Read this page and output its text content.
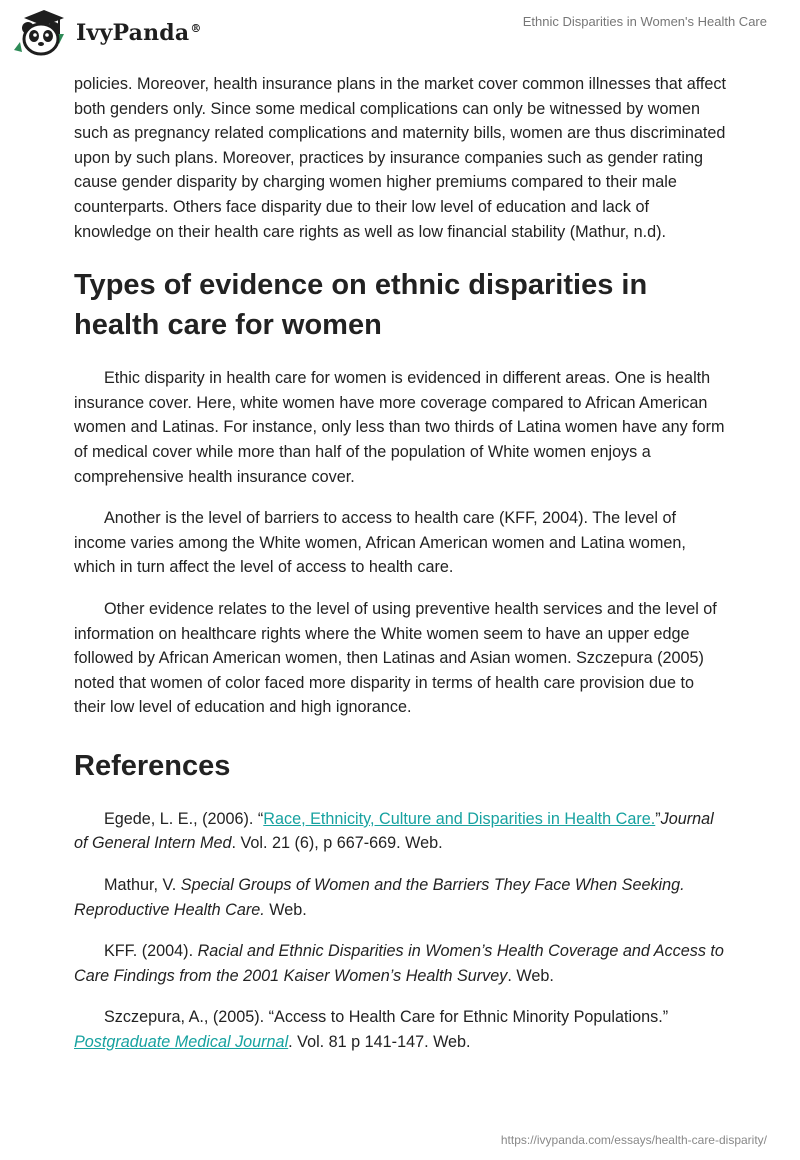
IvyPanda®	Ethnic Disparities in Women's Health Care

policies. Moreover, health insurance plans in the market cover common illnesses that affect both genders only. Since some medical complications can only be witnessed by women such as pregnancy related complications and maternity bills, women are thus discriminated upon by such plans. Moreover, practices by insurance companies such as gender rating cause gender disparity by charging women higher premiums compared to their male counterparts. Others face disparity due to their low level of education and lack of knowledge on their health care rights as well as low financial stability (Mathur, n.d).

Types of evidence on ethnic disparities in health care for women

Ethic disparity in health care for women is evidenced in different areas. One is health insurance cover. Here, white women have more coverage compared to African American women and Latinas. For instance, only less than two thirds of Latina women have any form of medical cover while more than half of the population of White women enjoys a comprehensive health insurance cover.

Another is the level of barriers to access to health care (KFF, 2004). The level of income varies among the White women, African American women and Latina women, which in turn affect the level of access to health care.

Other evidence relates to the level of using preventive health services and the level of information on healthcare rights where the White women seem to have an upper edge followed by African American women, then Latinas and Asian women. Szczepura (2005) noted that women of color faced more disparity in terms of health care provision due to their low level of education and high ignorance.

References

Egede, L. E., (2006). “Race, Ethnicity, Culture and Disparities in Health Care.”Journal of General Intern Med. Vol. 21 (6), p 667-669. Web.

Mathur, V. Special Groups of Women and the Barriers They Face When Seeking. Reproductive Health Care. Web.

KFF. (2004). Racial and Ethnic Disparities in Women’s Health Coverage and Access to Care Findings from the 2001 Kaiser Women’s Health Survey. Web.

Szczepura, A., (2005). “Access to Health Care for Ethnic Minority Populations.” Postgraduate Medical Journal. Vol. 81 p 141-147. Web.

https://ivypanda.com/essays/health-care-disparity/
